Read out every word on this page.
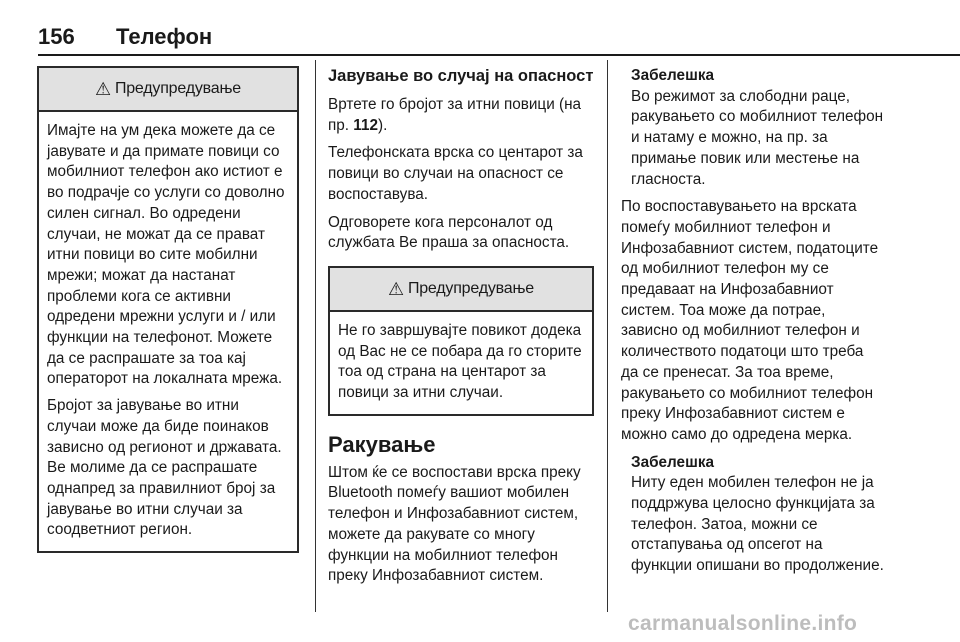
156 Телефон
⚠ Предупредување

Имајте на ум дека можете да се јавувате и да примате повици со мобилниот телефон ако истиот е во подрачје со услуги со доволно силен сигнал. Во одредени случаи, не можат да се прават итни повици во сите мобилни мрежи; можат да настанат проблеми кога се активни одредени мрежни услуги и / или функции на телефонот. Можете да се распрашате за тоа кај операторот на локалната мрежа.

Бројот за јавување во итни случаи може да биде поинаков зависно од регионот и државата. Ве молиме да се распрашате однапред за правилниот број за јавување во итни случаи за соодветниот регион.

Јавување во случај на опасност

Вртете го бројот за итни повици (на пр. 112).

Телефонската врска со центарот за повици во случаи на опасност се воспоставува.

Одговорете кога персоналот од службата Ве праша за опасноста.

⚠ Предупредување

Не го завршувајте повикот додека од Вас не се побара да го сторите тоа од страна на центарот за повици за итни случаи.

Ракување

Штом ќе се воспостави врска преку Bluetooth помеѓу вашиот мобилен телефон и Инфозабавниот систем, можете да ракувате со многу функции на мобилниот телефон преку Инфозабавниот систем.

Забелешка
Во режимот за слободни раце, ракувањето со мобилниот телефон и натаму е можно, на пр. за примање повик или местење на гласноста.

По воспоставувањето на врската помеѓу мобилниот телефон и Инфозабавниот систем, податоците од мобилниот телефон му се предаваат на Инфозабавниот систем. Тоа може да потрае, зависно од мобилниот телефон и количеството податоци што треба да се пренесат. За тоа време, ракувањето со мобилниот телефон преку Инфозабавниот систем е можно само до одредена мерка.

Забелешка
Ниту еден мобилен телефон не ја поддржува целосно функцијата за телефон. Затоа, можни се отстапувања од опсегот на функции опишани во продолжение.
carmanualsonline.info
